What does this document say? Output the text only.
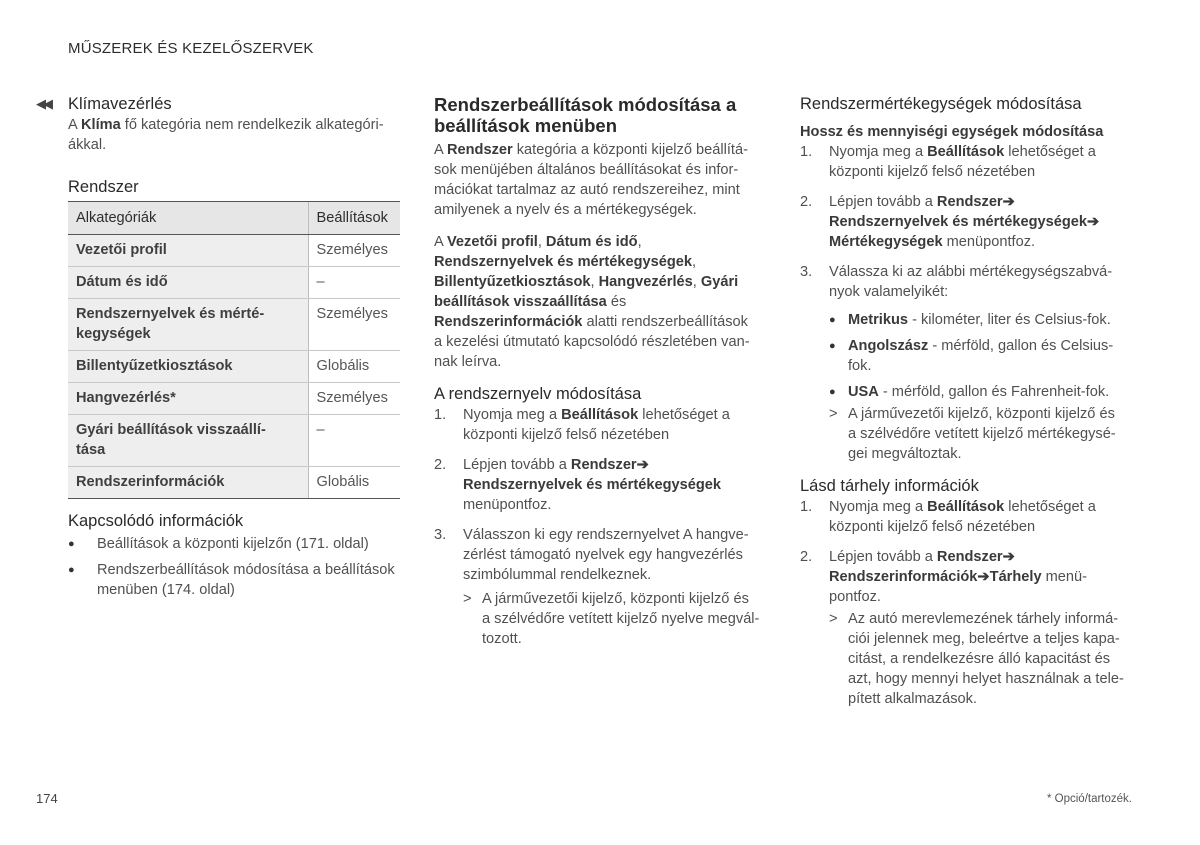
MŰSZEREK ÉS KEZELŐSZERVEK
◀◀ Klímavezérlés

A Klíma fő kategória nem rendelkezik alkategóri-
ákkal.

Rendszer
Alkategóriák	Beállítások
Vezetői profil	Személyes
Dátum és idő	–
Rendszernyelvek és mérté-
kegységek	Személyes
Billentyűzetkiosztások	Globális
Hangvezérlés*	Személyes
Gyári beállítások visszaállí-
tása	–
Rendszerinformációk	Globális
Kapcsolódó információk
● Beállítások a központi kijelzőn (171. oldal)
● Rendszerbeállítások módosítása a beállítások
menüben (174. oldal)
Rendszerbeállítások módosítása a
beállítások menüben

A Rendszer kategória a központi kijelző beállítá-
sok menüjében általános beállításokat és infor-
mációkat tartalmaz az autó rendszereihez, mint
amilyenek a nyelv és a mértékegységek.

A Vezetői profil, Dátum és idő,
Rendszernyelvek és mértékegységek,
Billentyűzetkiosztások, Hangvezérlés, Gyári
beállítások visszaállítása és
Rendszerinformációk alatti rendszerbeállítások
a kezelési útmutató kapcsolódó részletében van-
nak leírva.

A rendszernyelv módosítása
1. Nyomja meg a Beállítások lehetőséget a
központi kijelző felső nézetében
2. Lépjen tovább a Rendszer➔
Rendszernyelvek és mértékegységek
menüpontfoz.
3. Válasszon ki egy rendszernyelvet A hangve-
zérlést támogató nyelvek egy hangvezérlés
szimbólummal rendelkeznek.
> A járművezetői kijelző, központi kijelző és
a szélvédőre vetített kijelző nyelve megvál-
tozott.
Rendszermértékegységek módosítása
Hossz és mennyiségi egységek módosítása
1. Nyomja meg a Beállítások lehetőséget a
központi kijelző felső nézetében
2. Lépjen tovább a Rendszer➔
Rendszernyelvek és mértékegységek➔
Mértékegységek menüpontfoz.
3. Válassza ki az alábbi mértékegységszabvá-
nyok valamelyikét:
● Metrikus - kilométer, liter és Celsius-fok.
● Angolszász - mérföld, gallon és Celsius-
fok.
● USA - mérföld, gallon és Fahrenheit-fok.
> A járművezetői kijelző, központi kijelző és
a szélvédőre vetített kijelző mértékegysé-
gei megváltoztak.
Lásd tárhely információk
1. Nyomja meg a Beállítások lehetőséget a
központi kijelző felső nézetében
2. Lépjen tovább a Rendszer➔
Rendszerinformációk➔Tárhely menü-
pontfoz.
> Az autó merevlemezének tárhely informá-
ciói jelennek meg, beleértve a teljes kapa-
citást, a rendelkezésre álló kapacitást és
azt, hogy mennyi helyet használnak a tele-
pített alkalmazások.
174	* Opció/tartozék.
